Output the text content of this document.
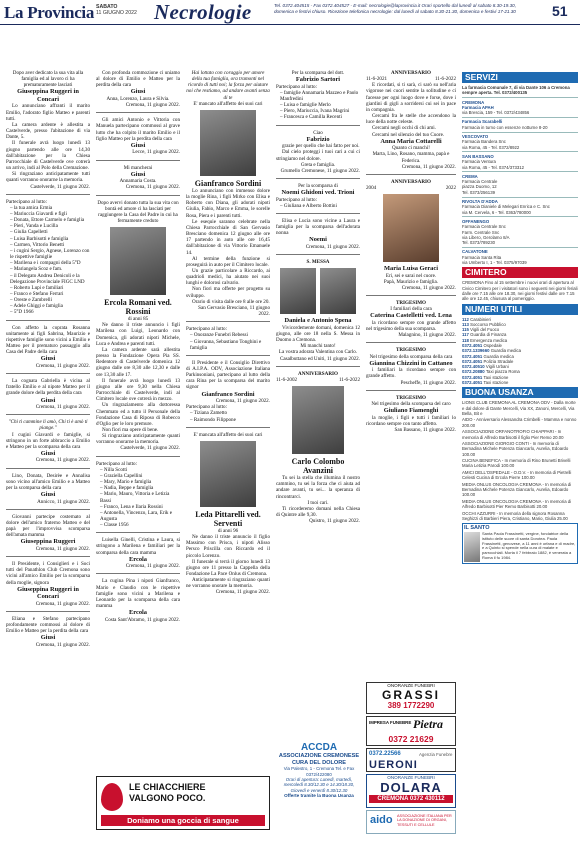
La Provincia SABATO
11 GIUGNO 2022 Necrologie	Tel. 0372.404515 - Fax 0372.404527 - E-mail: necrologie@laprovincia.it Orari sportello dal lunedì al sabato 8.30-19.30, domenica e festivi chiuso. Ricezione telefonica necrologie: dal lunedì al sabato 8.30-21.30, domenica e festivi 17-21.30	51

Dopo aver dedicato la sua vita alla famiglia ed al lavoro ci ha prematuramente lasciati

Giuseppina Ruggeri in Concari

Lo annunciano affranti il marito Emilio, l'adorato figlio Matteo e parenti tutti.

La camera ardente è allestita a Castelverde, presso l'abitazione di via Dante, 5.

Il funerale avrà luogo lunedì 13 giugno partendo alle ore 14,30 dall'abitazione per la Chiesa Parrocchiale di Castelverde ove cotrerà un arrivo, indi al Polo della Cremazione.

Si ringraziano anticipatamente tutti quanti vorranno onorarne la memoria.

Castelverde, 11 giugno 2022.

Partecipano al lutto:

– la tua amica Ermia

– Mariuccia Giavardi e figli

– Donata, Ettore Carmelo e famiglia

– Pieri, Vanda e Lucilla

– Giulia Capelletti

– Luisa Barbisotti e famiglia

– Carmen, Vittorio Benetti

– i cugini Sergio, Agnese, Lorenzo con le rispettive famiglie

– Marilena e i compagni della 5°D

– Mariangela Scoz e fam.

– il Delegato Andrea Denicoli e la Delegazione Provinciale FIGC LND

– Roberto Lupi e familiari

– Franco e Stefano Ferrari

– Oreste e Zambrelli

– Adele Ghiggi e famiglia

– 5°D 1966

Con affetto la coprata Rosanna unitamente ai figli Sabrina, Maurizio e rispettive famiglie sono vicini a Emilio e Matteo per il prematuro passaggio alla Casa del Padre della cara

Giusi

Cremona, 11 giugno 2022.

La cognata Gabriella è vicina al fratello Emilio e al nipote Matteo per il grande dolore della perdita della cara

Giusi

Cremona, 11 giugno 2022.

"Chi ti cammine li amò, Chi ti è amò ti piange."

I cugini Giavardi e famiglie, si stringono in un forte abbraccio a Emilio e Matteo per la scomparsa della cara

Giusi

Cremona, 11 giugno 2022.

Lino, Donata, Desirèe e Annalisa sono vicino all'amico Emilio e a Matteo per la scomparsa della cara

Giusi

Annicco, 11 giugno 2022.

Giovanni partecipe costernato al dolore dell'amico fraterno Matteo e del papà per l'improvvisa scomparsa dell'amata mamma

Giuseppina Ruggeri

Cremona, 11 giugno 2022.

Il Presidente, i Consiglieri e i Soci tutti del Panathlon Club Cremona sono vicini all'amico Emilio per la scomparsa della moglie, signora

Giuseppina Ruggeri in Concari

Cremona, 11 giugno 2022.

Eliana e Stefano partecipano profondamente commossi al dolore di Emilio e Matteo per la perdita della cara

Giusi

Cremona, 11 giugno 2022.

Con profonda commozione ci uniamo al dolore di Emilio e Matteo per la perdita della cara

Giusi

Anna, Lorenzo, Laura e Silvia.

Cremona, 11 giugno 2022.

Gli amici Antonio e Vittoria con Manuela partecipano commossi al grave lutto che ha colpito il marito Emilio e il figlio Matteo per la perdita della cara

Giusi

Lecce, 11 giugno 2022.

Mi mancherai

Giusi

Annamaria Costa.

Cremona, 11 giugno 2022.

Dopo avervi donato tutta la sua vita con bontà ed amore ci ha lasciati per raggiungere la Casa del Padre in cui ha fermamente creduto

Ercola Romani ved. Rossini

di anni 85

Ne danno il triste annuncio i figli Marilena con Luigi, Leonardo con Domenica, gli adorati nipoti Michele, Luca e Andrea e parenti tutti.

La camera ardente sarà allestita presso la Fondazione Opera Pia SS. Redentore di Castelverde domenica 12 giugno dalle ore 8,30 alle 12,30 e dalle ore 13,30 alle 17.

Il funerale avrà luogo lunedì 13 giugno alle ore 9,30 nella Chiesa Parrocchiale di Castelverde, indi al Cimitero locale ove cotrerà in mezzo.

Un ringraziamento alla dottoressa Chemmato ed a tutto il Personale della Fondazione Casa di Riposo di Robecco d'Oglio per le loro premure.

Non fiori ma opere di bene.

Si ringraziano anticipatamente quanti vorranno onorarne la memoria.

Castelverde, 11 giugno 2022.

Partecipano al lutto:

– Nilla Scotti

– Graziella Capellini

– Mary, Mario e famiglia

– Nadia, Beppe e famiglia

– Mario, Mauro, Vittoria e Letizia Bassi

– Franco, Lena e Ilaria Rossini

– Antonella, Vincenzo, Lara, Erik e Augusta

– Classe 1956

Luisella Ginelli, Cristina e Laura, si stringono a Marilena e familiari per la scomparsa della cara mamma

Ercola

Cremona, 11 giugno 2022.

La cugina Pina i nipoti Gianfranco, Mario e Claudio con le rispettive famiglie sono vicini a Marilena e Leonardo per la scomparsa della cara mamma

Ercola

Costa Sant'Abramo, 11 giugno 2022.

Hai lottato con coraggio per amore della tua famiglia, ora tramonti nel ricordo di tutti noi; la forza per aiutare noi che restiamo, ad andare avanti senza di te

E' mancato all'affetto dei suoi cari

Gianfranco Sordini

Lo annunciano con immenso dolore la moglie Rina, i figli Mirko con Elisa e Roberto con Diana, gli adorati nipoti Giulia, Fabio, Marco e Emma, le sorelle Rosa, Piera e i parenti tutti.

Le esequie saranno celebrate nella Chiesa Parrocchiale di San Gervasio Bresciano domenica 12 giugno alle ore 17 partendo in auto alle ore 16,45 dall'abitazione di via Vittorio Emanuele 14.

Al termine della funzione si proseguirà in auto per il Cimitero locale.

Un grazie particolare a Riccardo, ai quadrioli medici, ha aiutato nei suoi lunghi e dolorosi calvario.

Non fiori ma offerte per progetto su sviluppo.

Orario di visita dalle ore 8 alle ore 20.

San Gervasio Bresciano, 11 giugno 2022.

Partecipano al lutto:

– Onoranze Funebri Rebessi

– Giovanna, Sebastiano Tonghini e famiglia

Il Presidente e il Consiglio Direttivo di A.I.P.A. ODV, Associazione Italiana Parkinsoniani, partecipano al lutto della cara Rina per la scomparsa del marito signor

Gianfranco Sordini

Cremona, 11 giugno 2022.

Partecipano al lutto:

– Tiziana Zametto

– Raimondo Filippone

E' mancata all'affetto dei suoi cari

Leda Pittarelli ved. Serventi

di anni 96

Ne danno il triste annuncio il figlio Massimo con Prisca, i nipoti Alisso Persco Priscilla con Riccardo ed il piccolo Lorenzo.

Il funerale si terrà il giorno lunedì 13 giugno ore 11 presso la Cappella della Fondazione La Pace Onlus di Cremona.

Anticipatamente si ringraziano quanti ne vorranno onorare la memoria.

Cremona, 11 giugno 2022.

Per la scomparsa del dott.

Fabrizio Sartori

Partecipano al lutto:

– famiglie Annamaria Mazzeo e Paolo Manfredini

– Luisa e famiglie Merlo

– Piero, Mariuccia, Ivana Magrini

– Francesca e Camilla Recenti

Ciao

Fabrizio

grazie per quello che hai fatto per noi.

Dal cielo proteggi i tuoi cari a cui ci stringiamo nel dolore.

Greta e famiglia.

Grumello Cremonese, 11 giugno 2022.

Per la scomparsa di

Noemi Ghidoni ved. Trioni

Partecipano al lutto:

– Giuliana e Alberto Bottini

Elisa e Lucia sono vicine a Laura e famiglia per la scomparsa dell'adorata nonna

Noemi

Cremona, 11 giugno 2022.

S. MESSA

Daniela e Antonio Spena

Vivicordemente domani, domenica 12 giugno, alle ore 18 nella S. Messa in Duomo a Cremona.

Mi manchi tanto!

La vostra adorata Valentina con Carlo.

Casalbuttano ed Uniti, 11 giugno 2022.

ANNIVERSARIO

11-6-2002	11-6-2022

Carlo Colombo Avanzini

Tu sei la stella che illumina il nostro cammino, tu sei la forza che ci aiuta ad andare avanti, tu sei... la speranza di rincontrarci.

I tuoi cari.

Ti ricorderemo domani nella Chiesa di Quintre alle 9,30.

Quistro, 11 giugno 2022.

ANNIVERSARIO

11-6-2021	11-6-2022

E ricordati, si ti sarà, ci sarò su nell'aria vigorose nei cuori sentite la solitudine e ci facesse per ogni luogo dove e forse, dove i giardini di gigli a sorridersi cui sei in pace in compagnia.

Cercami fra le stelle che accendono la luce della notte celeste.

Cercami negli occhi di chi ami.

Cercami nel silenzio del tuo Cuore.

Anna Maria Cottarelli

Quanto ci manchi!

Marta, Lino, Rosano, mamma, papà e Federica.

Cremona, 11 giugno 2022.

ANNIVERSARIO

2004	2022

Maria Luisa Geraci

Eri, sei e sarai nel cuore.

Papà, Maurizio e famiglia.

Cremona, 11 giugno 2022.

TRIGESIMO

I familiari della cara

Caterina Castelletti ved. Lena

la ricordano sempre con grande affetto nel trigesimo della sua scomparsa.

Malagnino, 11 giugno 2022.

TRIGESIMO

Nel trigesimo della scomparsa della cara

Giannina Chizzini in Cattaneo

i familiari la ricordano sempre con grande affetto.

Pescheffe, 11 giugno 2022.

TRIGESIMO

Nel trigesimo della scomparsa del caro

Giuliano Fiamenghi

la moglie, i figli e tutti i familiari lo ricordano sempre con tanto affetto.

San Bassano, 11 giugno 2022.

SERVIZI
La farmacia Comunale 7, di via Dante 106 a Cremona sempre aperta. Tel. 0372/400135
CREMONA
Farmacia APAH
via Brescia, 159 - Tel. 0372/434856
Farmacia Scarabelli
Farmacia in turno con essenze notturne 8-20
VESCOVATO
Farmacia Bandera Snc
via Roma, 45 - Tel. 0372/8922
SAN BASSANO
Farmacia Ventura
via Roma, 45 - Tel. 0374/373312
CREMA
Farmacia Centrale
piazza Duomo, 12
Tel. 0373/256139
RIVOLTA D'ADDA
Farmacia Dianiele di Melegari Enrica e C. Snc
via M. Cervela, 6 - Tel. 0363/780000
OFFANENGO
Farmacia Centrale Snc
Farm. Centrale Snc
via Libero, Gerolamo 8/A
Tel. 0373/789230
CALVATONE
Farmacia Santa Rita
via Umberto I, 1 - Tel. 0375/97039
CIMITERO
CREMONA Fino al 15 settembre i nuovi orari di apertura al Civico Cimitero per i visitatori sono i seguenti nei giorni feriali dalle ore 7.15 alle ore 18.30, nei giorni festivi dalle ore 7.15 alle ore 12.45, chiusura al pomeriggio.
NUMERI UTILI
112 Carabinieri
113 Soccorso Pubblico
115 Vigili del Fuoco
117 Guardia di Finanza
118 Emergenza medica
0372.4051 Ospedale
0372.1339660 Guardia medica
0372.4051 Guardia medica
0372.4051 Polizia Stradale
0372.40510 Vigili Urbani
0372.20880 Taxi piazza Roma
0372.4051 Taxi stazione
0372.4051 Taxi stazione
BUONA USANZA
LIONS CLUB CREMONA AL CREMONA ODV - Dalla morte e dal dolore di Dante Mercelli, Via XX, Zanoni, Mercelli, Via Bella, Bit e
AIDO - Anniversario Alessandra Crimbelli - Mamma e nonno 200.00
ASSOCIAZIONE ORFANOTROFIO CHIAPPARI - In memoria di Alfredo Barbisotti il figlio Pier Remo 20.00
ASSOCIAZIONE GIORGIO CONTI - In memoria di Bernadina Michele Potenza Giancarlo, Aurelia, Edoardo 100.00
CUCINA BENEFICA - In memoria di Rino Brunetti Brivelli Maria Letizia Parodi 100.00
AMICI DELL'OSPEDALE - O.D.V. - In memoria di Pietrelli Celesti Cucina di Ercola Pierre 100.00
MEDIA ONLUS ONCOLOGIA CREMONA - In memoria di Bernadina Michele Potenza Giancarlo, Aurelia, Edoardo 100.00
MEDIA ONLUS ONCOLOGIA CREMONA - In memoria di Alfredo Barbisotti Pier Remo Barbisotti 20.00
OCCHI AZZURRI - In memoria della signora Rosanna Seghizzi di Barbieri Piera, Cristiano, Mario, Giulia 25.00
IL SANTO
Santa Paola Frassinetti, vergine, fondatrice della istituto delle suore di santa Dorotea. Paola Frassinetti, genovese, a 11 anni è orfana e di madre, e a Quinto si spende nella cura di malate e parrocchiali. Morta il 7 febbraio 1882, è venerata a Roma il fu 1984.
LE CHIACCHIERE
VALGONO POCO.
Doniamo una goccia di sangue
ACCDA
ASSOCIAZIONE CREMONESE CURA DEL DOLORE
Via Palestro, 1 - Cremona Tel. e Fax 0372/422080
Orari di apertura: Lunedì, martedì, mercoledì 8.30/12.30 e 14.30/18.30, Giovedì e venerdì 8.30/12.30
Offerte tramite la Buona Usanza
ONORANZE FUNEBRI
GRASSI
389 1772290
IMPRESA FUNEBRE Pietra
0372 21629
0372.22566
UERONI
Agenzia Funebre
ONORANZE FUNEBRI
DOLARA
CREMONA 0372 430112
aido ASSOCIAZIONE ITALIANA PER LA DONAZIONE DI ORGANI, TESSUTI E CELLULE
